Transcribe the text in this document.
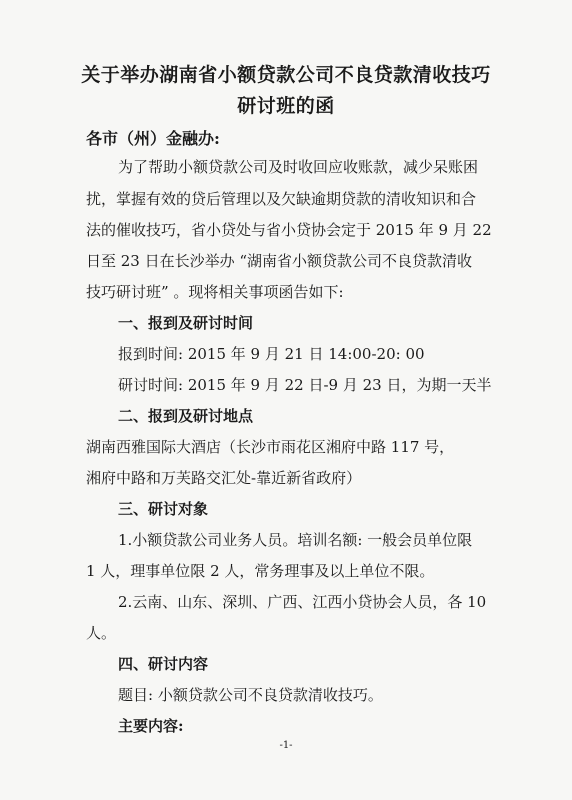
关于举办湖南省小额贷款公司不良贷款清收技巧
研讨班的函
各市（州）金融办:
为了帮助小额贷款公司及时收回应收账款，减少呆账困
扰，掌握有效的贷后管理以及欠缺逾期贷款的清收知识和合
法的催收技巧，省小贷处与省小贷协会定于 2015 年 9 月 22
日至 23 日在长沙举办 “湖南省小额贷款公司不良贷款清收
技巧研讨班” 。现将相关事项函告如下:
一、报到及研讨时间
报到时间: 2015 年 9 月 21 日 14:00-20: 00
研讨时间: 2015 年 9 月 22 日-9 月 23 日，为期一天半
二、报到及研讨地点
湖南西雅国际大酒店（长沙市雨花区湘府中路 117 号，
湘府中路和万芙路交汇处-靠近新省政府）
三、研讨对象
1.小额贷款公司业务人员。培训名额: 一般会员单位限
1 人，理事单位限 2 人，常务理事及以上单位不限。
2.云南、山东、深圳、广西、江西小贷协会人员，各 10
人。
四、研讨内容
题目: 小额贷款公司不良贷款清收技巧。
主要内容:
-1-
